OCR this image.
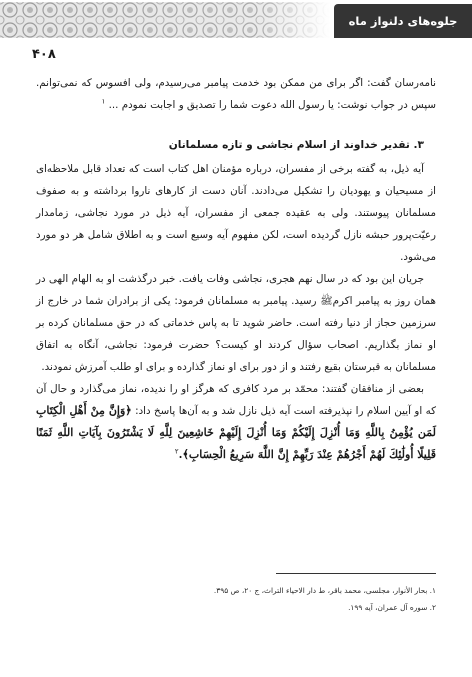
جلوه‌های دلنواز ماه
۴۰۸

نامه‌رسان گفت: اگر برای من ممکن بود خدمت پیامبر می‌رسیدم، ولی افسوس که نمی‌توانم. سپس در جواب نوشت: یا رسول الله دعوت شما را تصدیق و اجابت نمودم ... $^۱$

۳. تقدیر خداوند از اسلام نجاشی و تازه مسلمانان

آیه ذیل، به گفته برخی از مفسران، درباره مؤمنان اهل کتاب است که تعداد قابل ملاحظه‌ای از مسیحیان و یهودیان را تشکیل می‌دادند. آنان دست از کارهای ناروا برداشته و به صفوف مسلمانان پیوستند. ولی به عقیده جمعی از مفسران، آیه ذیل در مورد نجاشی، زمامدار رعیّت‌پرور حبشه نازل گردیده است، لکن مفهوم آیه وسیع است و به اطلاق شامل هر دو مورد می‌شود.

جریان این بود که در سال نهم هجری، نجاشی وفات یافت. خبر درگذشت او به الهام الهی در همان روز به پیامبر اکرمﷺ رسید. پیامبر به مسلمانان فرمود: یکی از برادران شما در خارج از سرزمین حجاز از دنیا رفته است. حاضر شوید تا به پاس خدماتی که در حق مسلمانان کرده بر او نماز بگذاریم. اصحاب سؤال کردند او کیست؟ حضرت فرمود: نجاشی، آنگاه به اتفاق مسلمانان به قبرستان بقیع رفتند و از دور برای او نماز گذارده و برای او طلب آمرزش نمودند.

بعضی از منافقان گفتند: محمّد بر مرد کافری که هرگز او را ندیده، نماز می‌گذارد و حال آن که او آیین اسلام را نپذیرفته است آیه ذیل نازل شد و به آن‌ها پاسخ داد: ﴿وَإِنَّ مِنْ أَهْلِ الْكِتَابِ لَمَن يُؤْمِنُ بِاللَّهِ وَمَا أُنْزِلَ إِلَيْكُمْ وَمَا أُنْزِلَ إِلَيْهِمْ خَاشِعِينَ لِلَّهِ لَا يَشْتَرُونَ بِآيَاتِ اللَّهِ ثَمَنًا قَلِيلًا أُولَٰئِكَ لَهُمْ أَجْرُهُمْ عِنْدَ رَبِّهِمْ إِنَّ اللَّهَ سَرِيعُ الْحِسَابِ﴾.$^۲$

۱. بحار الأنوار، مجلسی، محمد باقر، ط دار الاحیاء التراث، ج ۲۰، ص ۳۹۵.

۲. سوره آل عمران، آیه ۱۹۹.
